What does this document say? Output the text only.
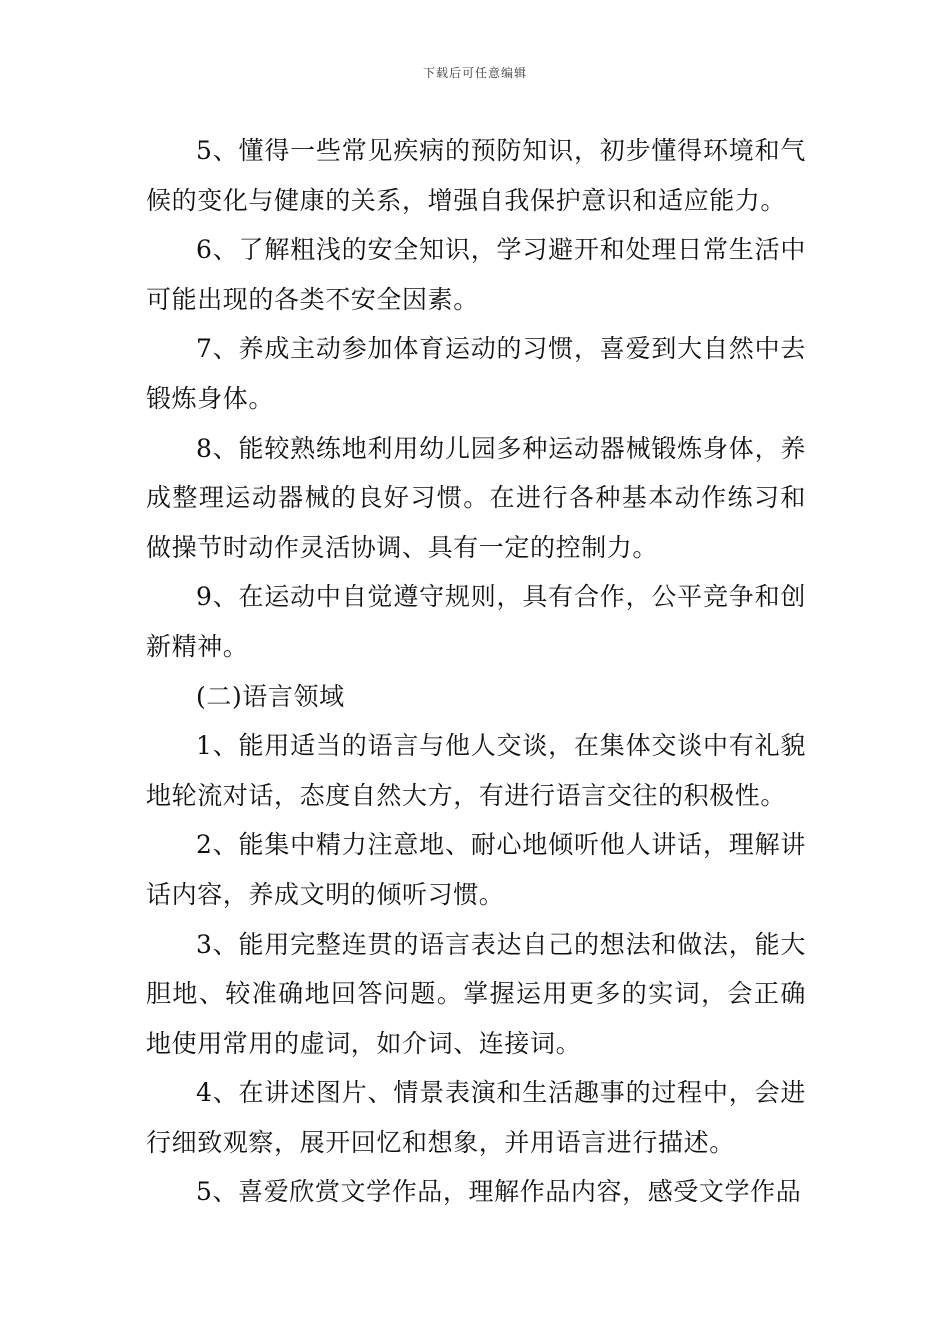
下载后可任意编辑

5、懂得一些常见疾病的预防知识，初步懂得环境和气候的变化与健康的关系，增强自我保护意识和适应能力。

6、了解粗浅的安全知识，学习避开和处理日常生活中可能出现的各类不安全因素。

7、养成主动参加体育运动的习惯，喜爱到大自然中去锻炼身体。

8、能较熟练地利用幼儿园多种运动器械锻炼身体，养成整理运动器械的良好习惯。在进行各种基本动作练习和做操节时动作灵活协调、具有一定的控制力。

9、在运动中自觉遵守规则，具有合作，公平竞争和创新精神。

(二)语言领域

1、能用适当的语言与他人交谈，在集体交谈中有礼貌地轮流对话，态度自然大方，有进行语言交往的积极性。

2、能集中精力注意地、耐心地倾听他人讲话，理解讲话内容，养成文明的倾听习惯。

3、能用完整连贯的语言表达自己的想法和做法，能大胆地、较准确地回答问题。掌握运用更多的实词，会正确地使用常用的虚词，如介词、连接词。

4、在讲述图片、情景表演和生活趣事的过程中，会进行细致观察，展开回忆和想象，并用语言进行描述。

5、喜爱欣赏文学作品，理解作品内容，感受文学作品
